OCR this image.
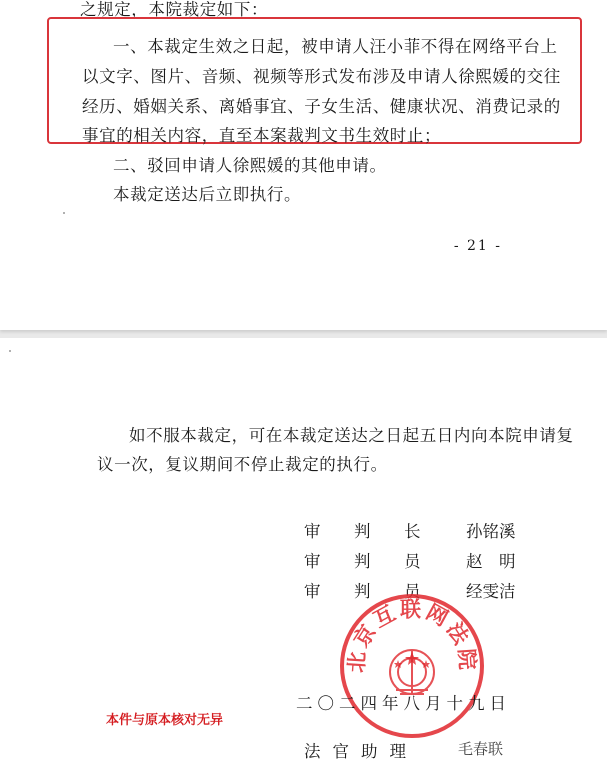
之规定，本院裁定如下：
一、本裁定生效之日起，被申请人汪小菲不得在网络平台上
以文字、图片、音频、视频等形式发布涉及申请人徐熙媛的交往
经历、婚姻关系、离婚事宜、子女生活、健康状况、消费记录的
事宜的相关内容，直至本案裁判文书生效时止；
二、驳回申请人徐熙媛的其他申请。
本裁定送达后立即执行。
- 21 -
如不服本裁定，可在本裁定送达之日起五日内向本院申请复
议一次，复议期间不停止裁定的执行。
审 判 长	孙铭溪
审 判 员	赵　明
审 判 员	经雯洁
北京互联网法院
二〇二四年八月十九日
法官助理	毛春联
本件与原本核对无异
